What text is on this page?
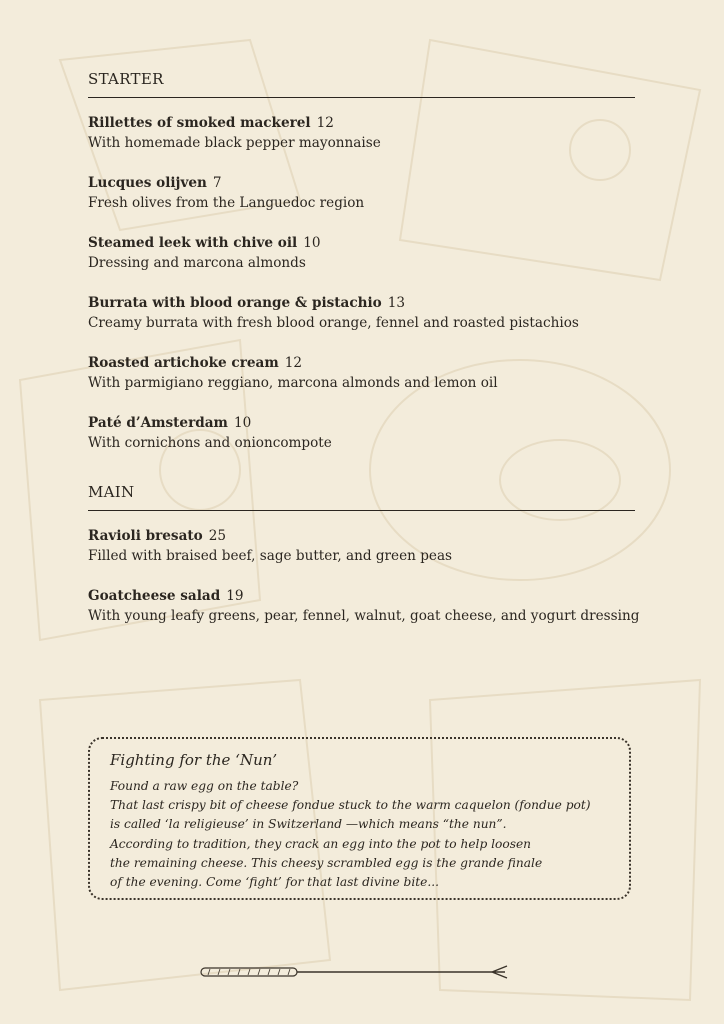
STARTER
Rillettes of smoked mackerel 12
With homemade black pepper mayonnaise
Lucques olijven 7
Fresh olives from the Languedoc region
Steamed leek with chive oil 10
Dressing and marcona almonds
Burrata with blood orange & pistachio 13
Creamy burrata with fresh blood orange, fennel and roasted pistachios
Roasted artichoke cream 12
With parmigiano reggiano, marcona almonds and lemon oil
Paté d’Amsterdam 10
With cornichons and onioncompote
MAIN
Ravioli bresato 25
Filled with braised beef, sage butter, and green peas
Goatcheese salad 19
With young leafy greens, pear, fennel, walnut, goat cheese, and yogurt dressing
Fighting for the ‘Nun’
Found a raw egg on the table?
That last crispy bit of cheese fondue stuck to the warm caquelon (fondue pot)
is called ‘la religieuse’ in Switzerland —which means “the nun”.
According to tradition, they crack an egg into the pot to help loosen
the remaining cheese. This cheesy scrambled egg is the grande finale
of the evening. Come ‘fight’ for that last divine bite...
